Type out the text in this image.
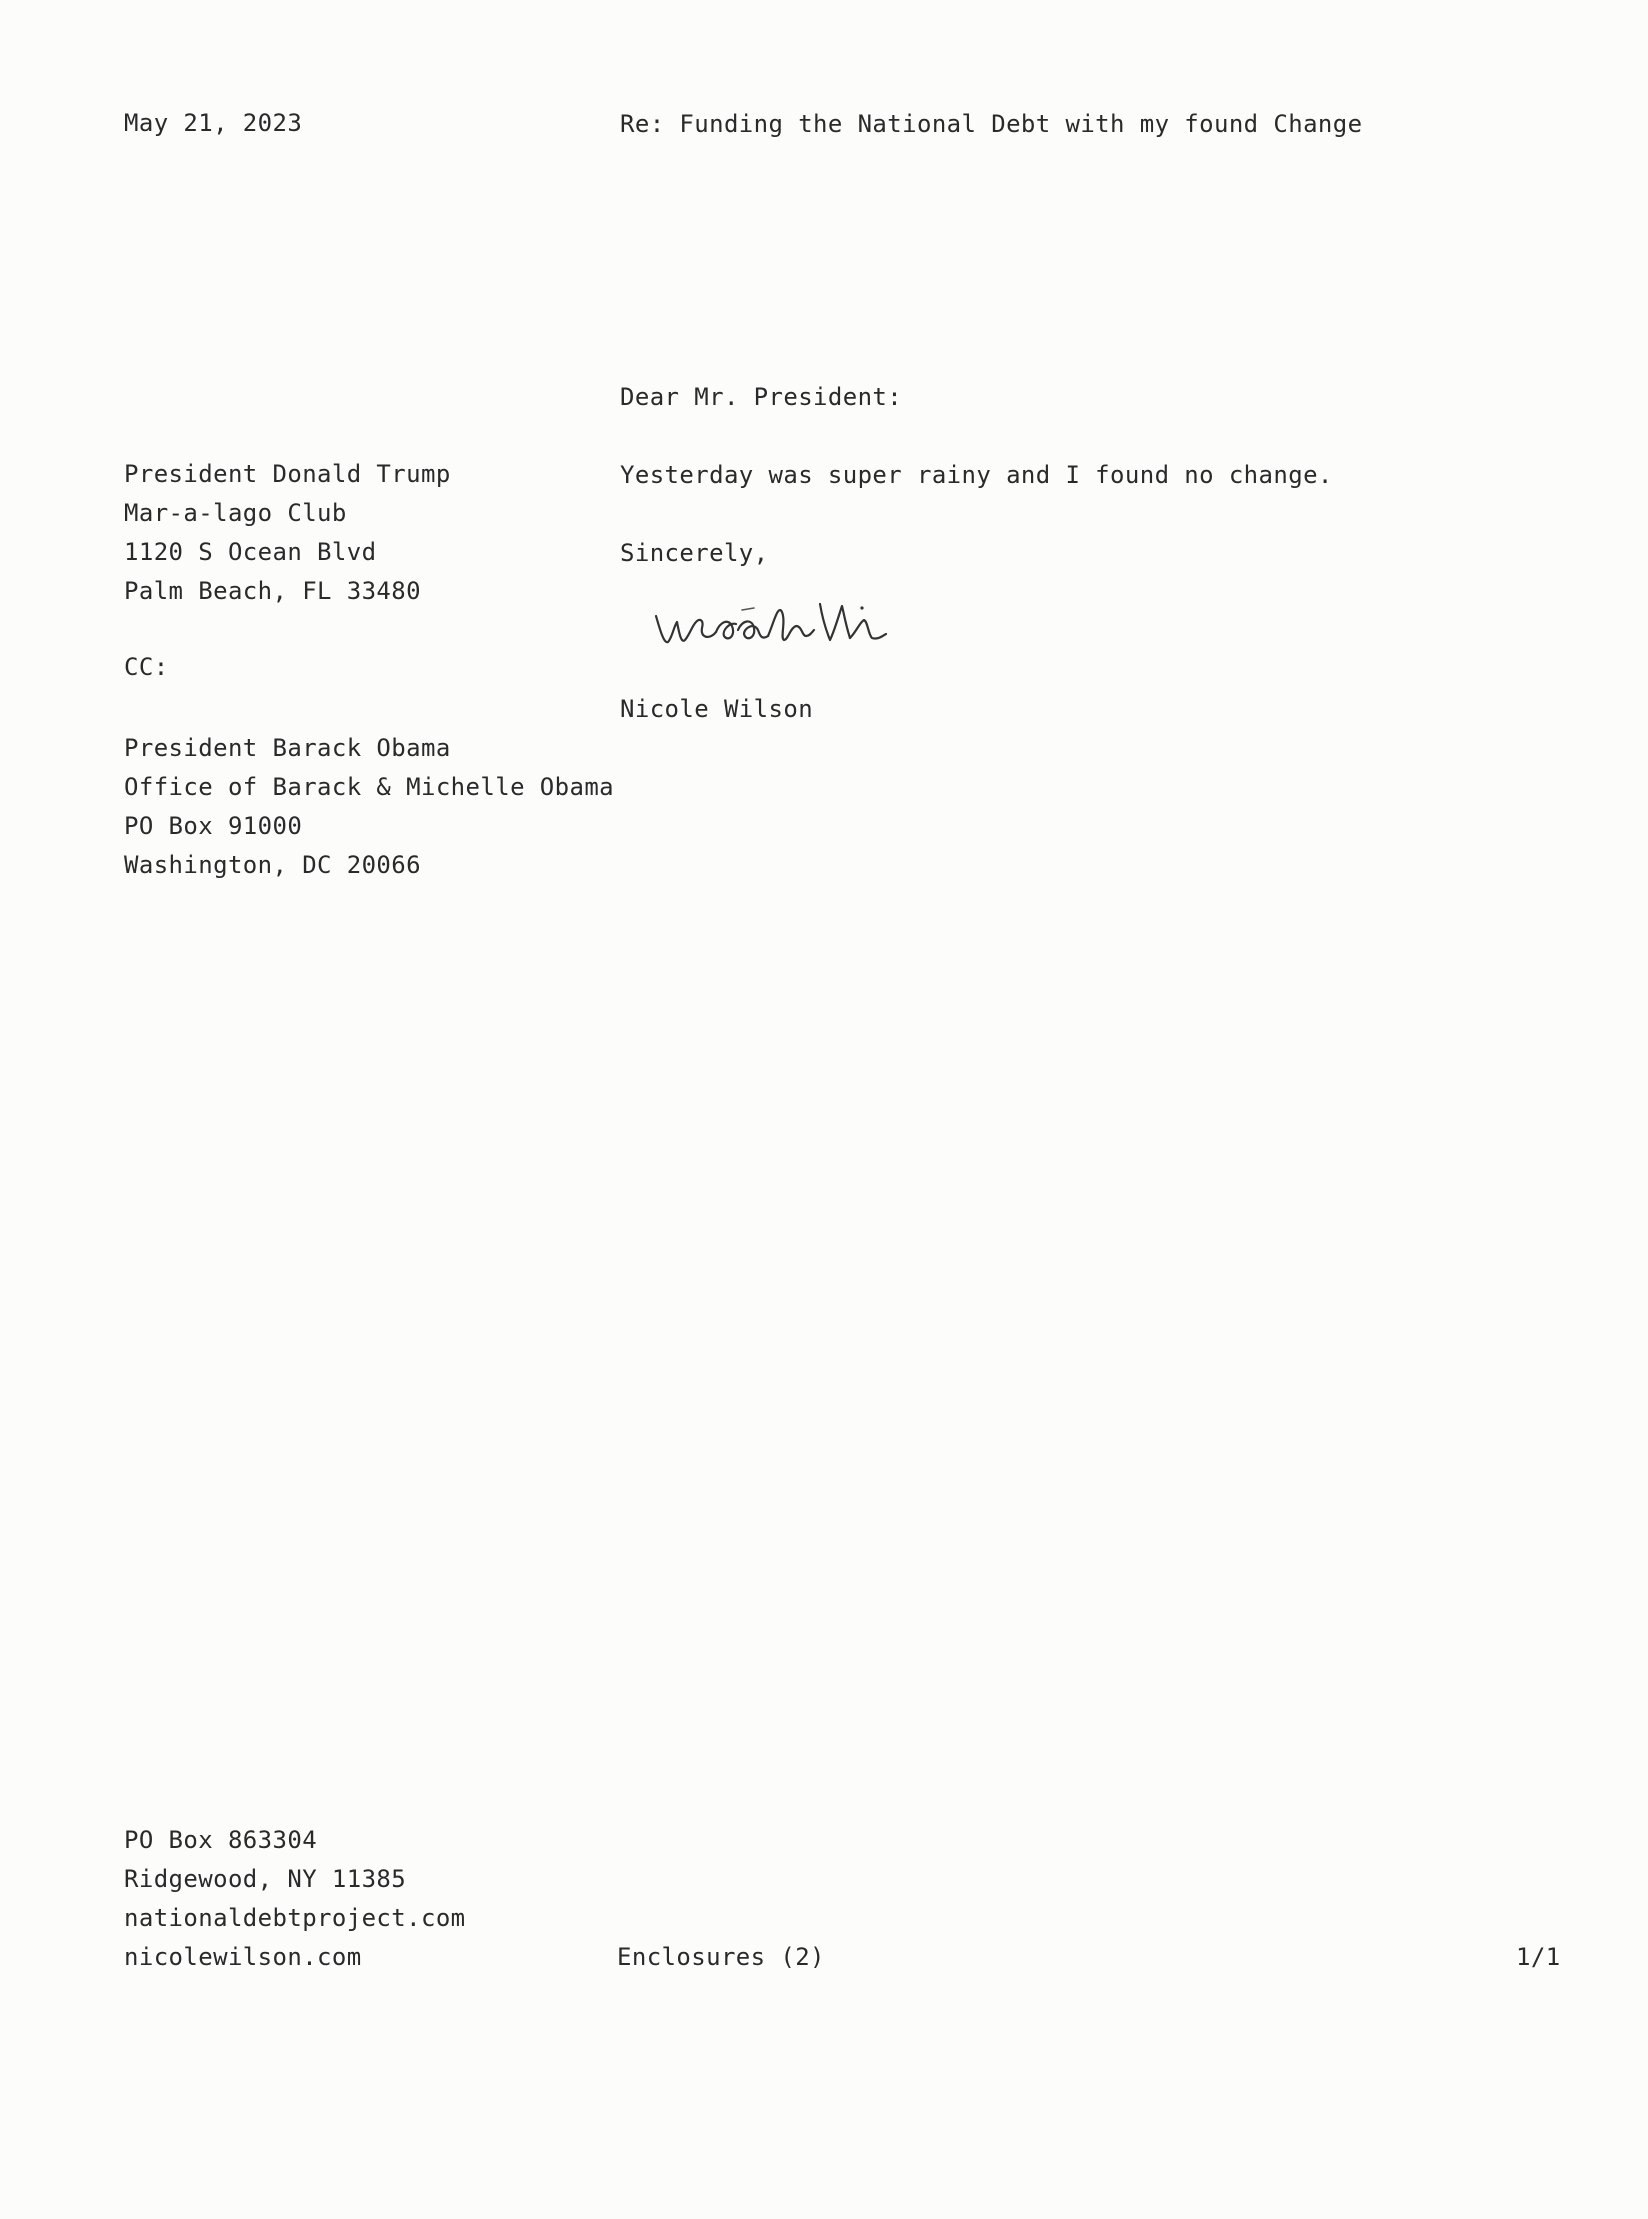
May 21, 2023	Re: Funding the National Debt with my found Change
Dear Mr. President:
President Donald Trump
Mar-a-lago Club
1120 S Ocean Blvd
Palm Beach, FL 33480
Yesterday was super rainy and I found no change.
Sincerely,
CC:
Nicole Wilson
President Barack Obama
Office of Barack & Michelle Obama
PO Box 91000
Washington, DC 20066
PO Box 863304
Ridgewood, NY 11385
nationaldebtproject.com
nicolewilson.com	Enclosures (2)	1/1
